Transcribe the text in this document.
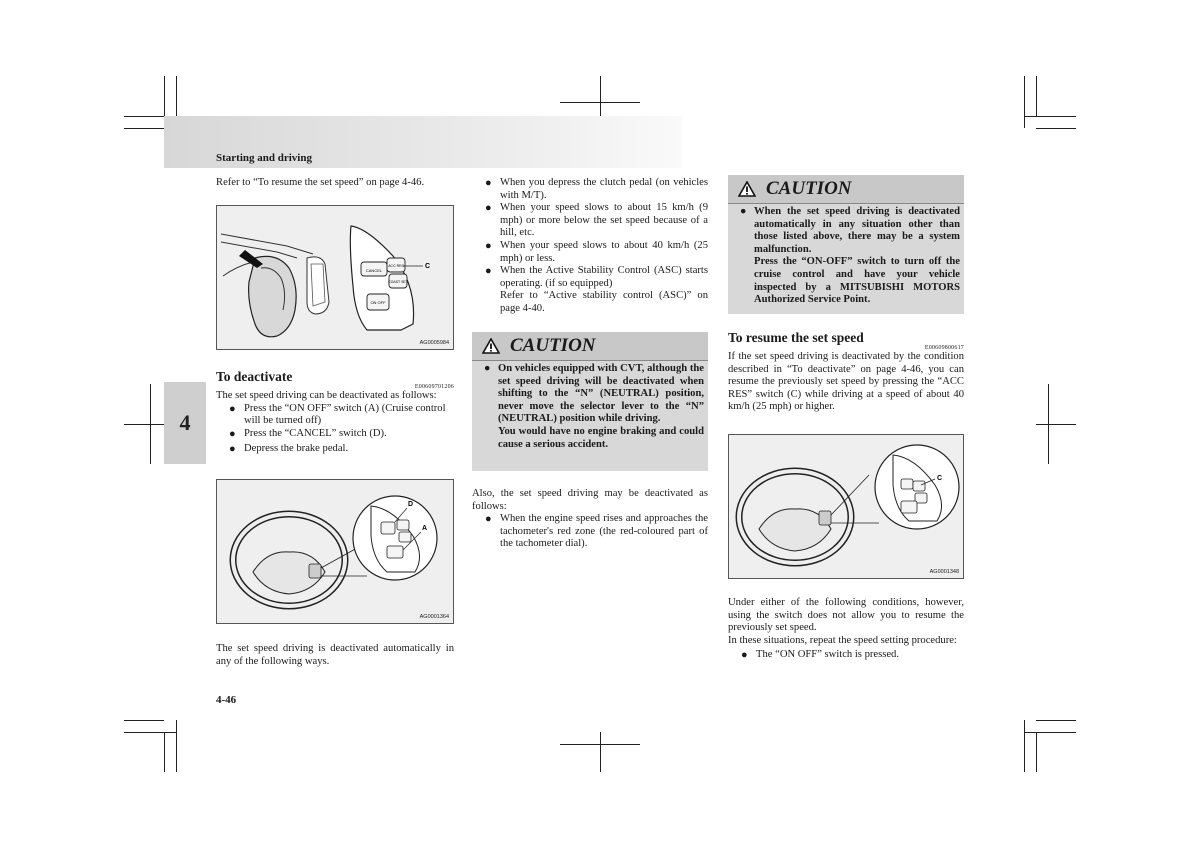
Starting and driving
4

Refer to “To resume the set speed” on page 4-46.

CANCEL
ACC RES
COAST SET
ON OFF
C
AG0005984

To deactivate

E00609701206

The set speed driving can be deactivated as follows:

● Press the “ON OFF” switch (A) (Cruise control will be turned off)
● Press the “CANCEL” switch (D).
● Depress the brake pedal.
D
A
AG0001364

The set speed driving is deactivated automatically in any of the following ways.

● When you depress the clutch pedal (on vehicles with M/T).
● When your speed slows to about 15 km/h (9 mph) or more below the set speed because of a hill, etc.
● When your speed slows to about 40 km/h (25 mph) or less.
● When the Active Stability Control (ASC) starts operating. (if so equipped)
Refer to “Active stability control (ASC)” on page 4-40.
CAUTION
● On vehicles equipped with CVT, although the set speed driving will be deactivated when shifting to the “N” (NEUTRAL) position, never move the selector lever to the “N” (NEUTRAL) position while driving.
You would have no engine braking and could cause a serious accident.

Also, the set speed driving may be deactivated as follows:

● When the engine speed rises and approaches the tachometer's red zone (the red-coloured part of the tachometer dial).
CAUTION
● When the set speed driving is deactivated automatically in any situation other than those listed above, there may be a system malfunction.
Press the “ON-OFF” switch to turn off the cruise control and have your vehicle inspected by a MITSUBISHI MOTORS Authorized Service Point.

To resume the set speed

E00609800617

If the set speed driving is deactivated by the condition described in “To deactivate” on page 4-46, you can resume the previously set speed by pressing the “ACC RES” switch (C) while driving at a speed of about 40 km/h (25 mph) or higher.

C
AG0001348

Under either of the following conditions, however, using the switch does not allow you to resume the previously set speed.
In these situations, repeat the speed setting procedure:

● The “ON OFF” switch is pressed.
4-46
